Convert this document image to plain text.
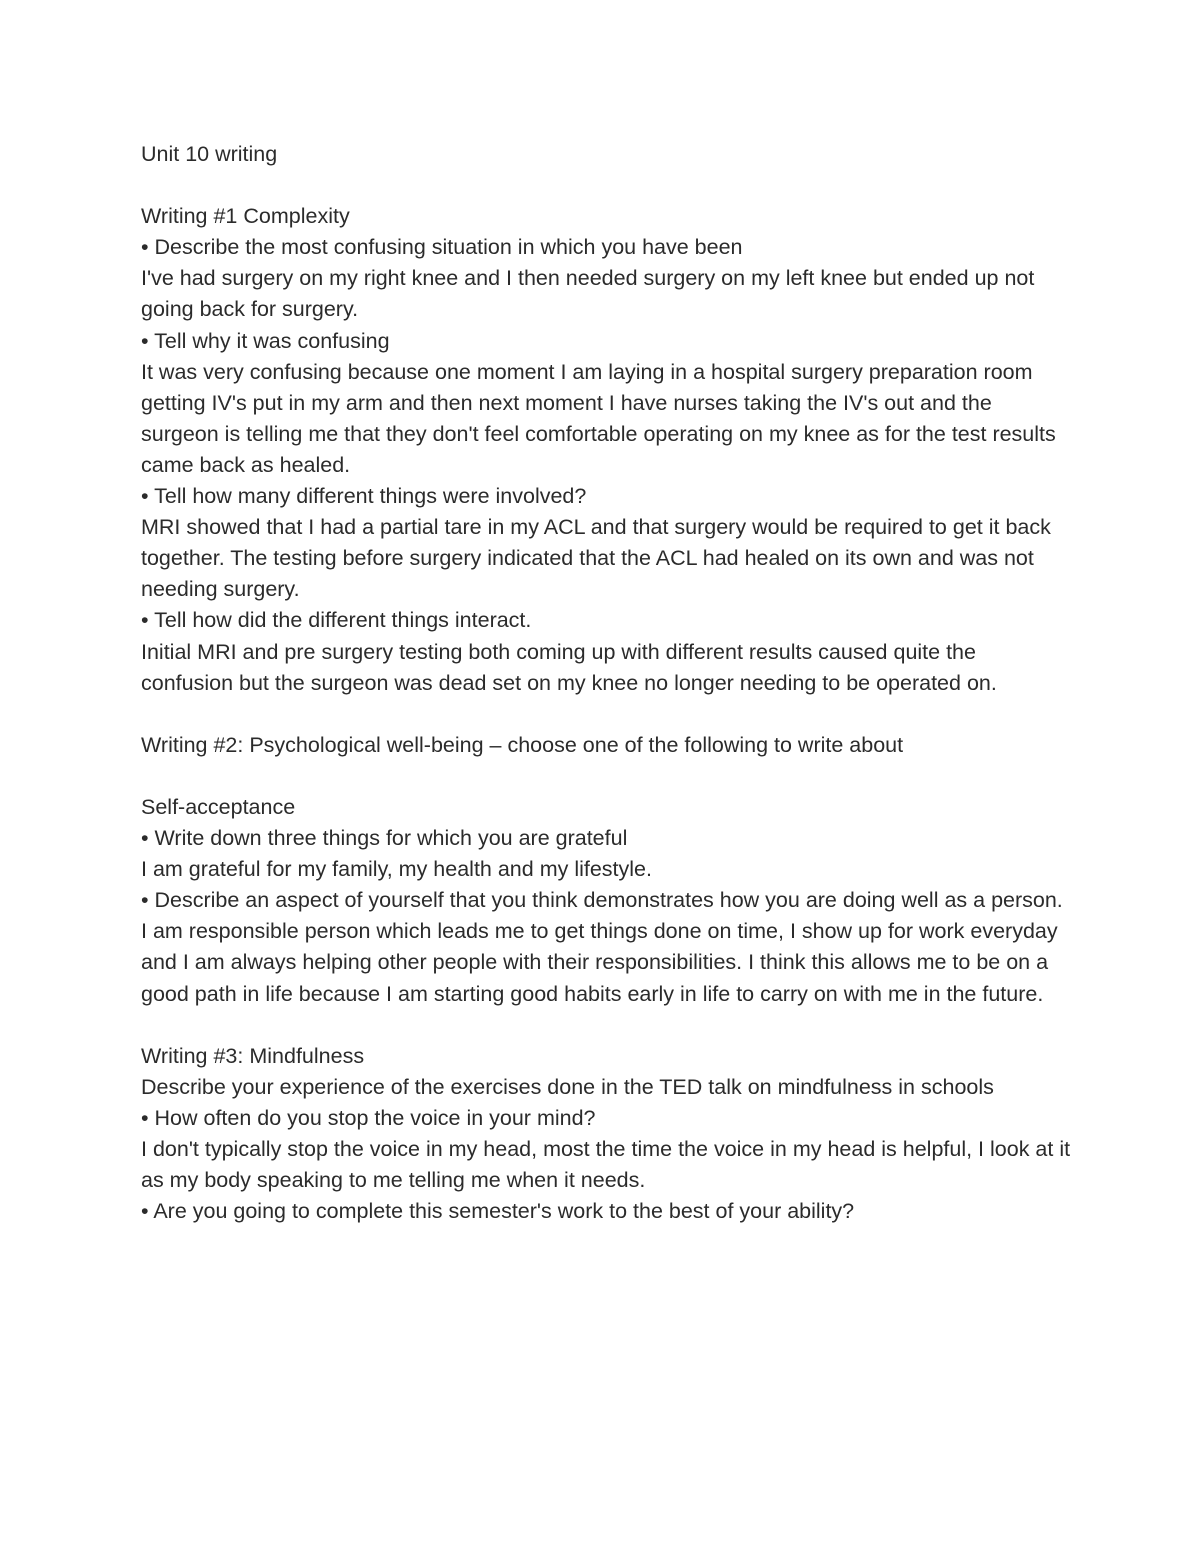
Unit 10 writing

Writing #1 Complexity

• Describe the most confusing situation in which you have been

I've had surgery on my right knee and I then needed surgery on my left knee but ended up not going back for surgery.

• Tell why it was confusing

It was very confusing because one moment I am laying in a hospital surgery preparation room getting IV's put in my arm and then next moment I have nurses taking the IV's out and the surgeon is telling me that they don't feel comfortable operating on my knee as for the test results came back as healed.

• Tell how many different things were involved?

MRI showed that I had a partial tare in my ACL and that surgery would be required to get it back together. The testing before surgery indicated that the ACL had healed on its own and was not needing surgery.

• Tell how did the different things interact.

Initial MRI and pre surgery testing both coming up with different results caused quite the confusion but the surgeon was dead set on my knee no longer needing to be operated on.

Writing #2: Psychological well-being – choose one of the following to write about

Self-acceptance

• Write down three things for which you are grateful

I am grateful for my family, my health and my lifestyle.

• Describe an aspect of yourself that you think demonstrates how you are doing well as a person.

I am responsible person which leads me to get things done on time, I show up for work everyday and I am always helping other people with their responsibilities. I think this allows me to be on a good path in life because I am starting good habits early in life to carry on with me in the future.

Writing #3: Mindfulness

Describe your experience of the exercises done in the TED talk on mindfulness in schools

• How often do you stop the voice in your mind?

I don't typically stop the voice in my head, most the time the voice in my head is helpful, I look at it as my body speaking to me telling me when it needs.

• Are you going to complete this semester's work to the best of your ability?
